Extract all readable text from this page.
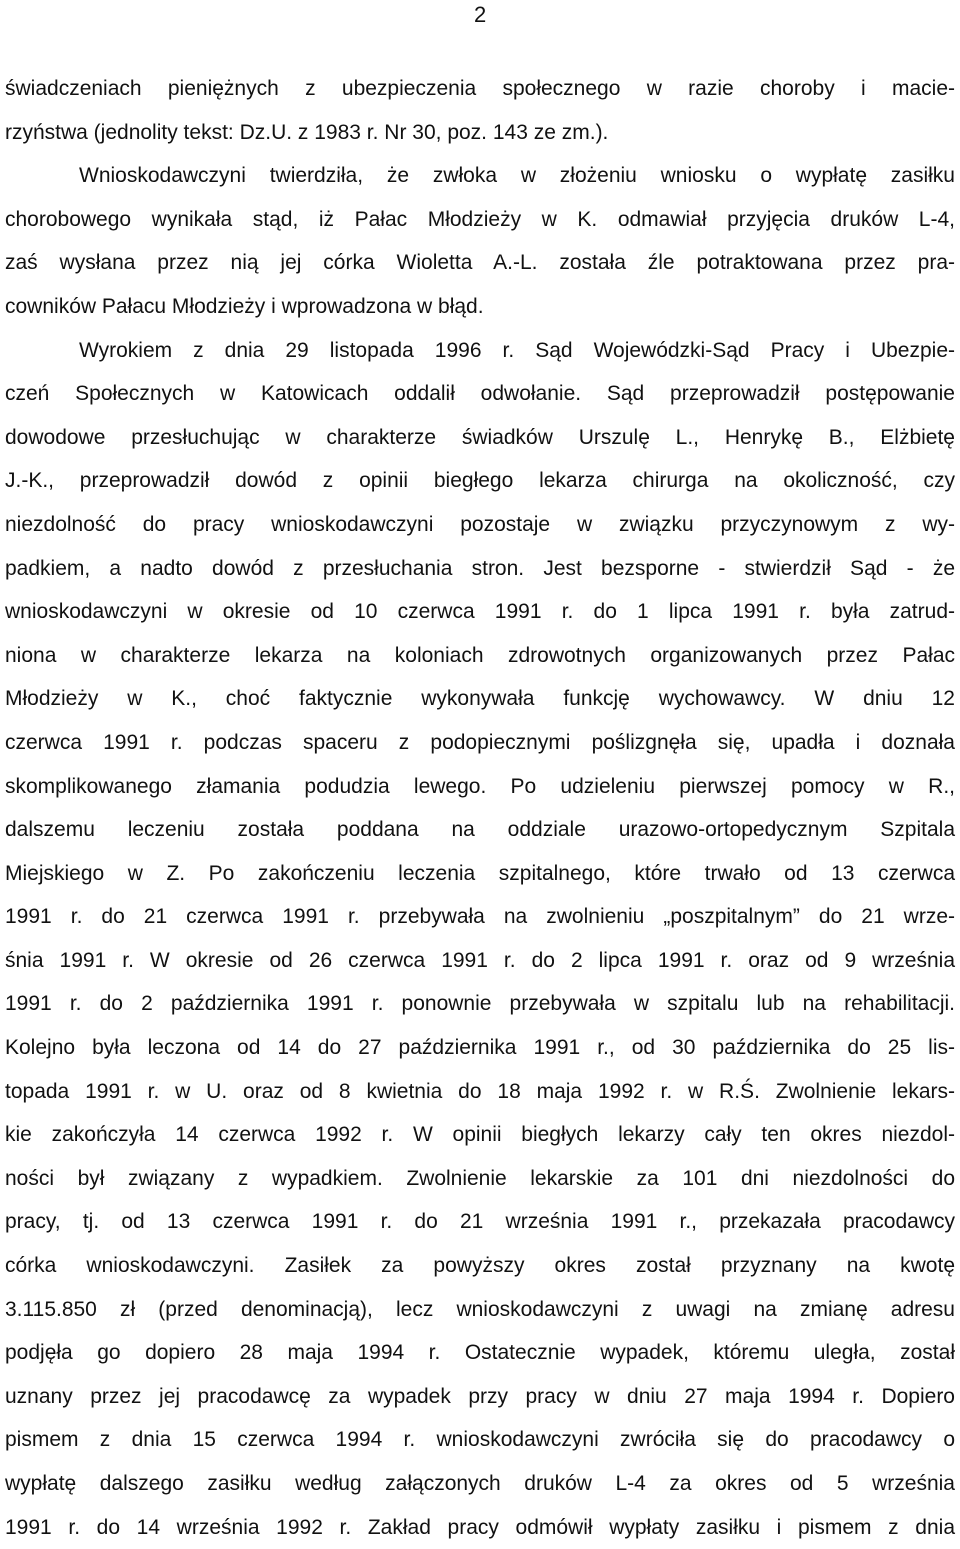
2
świadczeniach pieniężnych z ubezpieczenia społecznego w razie choroby i macie-
rzyństwa (jednolity tekst: Dz.U. z 1983 r. Nr 30, poz. 143 ze zm.).
Wnioskodawczyni twierdziła, że zwłoka w złożeniu wniosku o wypłatę zasiłku
chorobowego wynikała stąd, iż Pałac Młodzieży w K. odmawiał przyjęcia druków L-4,
zaś wysłana przez nią jej córka Wioletta A.-L. została źle potraktowana przez pra-
cowników Pałacu Młodzieży i wprowadzona w błąd.
Wyrokiem z dnia 29 listopada 1996 r. Sąd Wojewódzki-Sąd Pracy i Ubezpie-
czeń Społecznych w Katowicach oddalił odwołanie. Sąd przeprowadził postępowanie
dowodowe przesłuchując w charakterze świadków Urszulę L., Henrykę B., Elżbietę
J.-K., przeprowadził dowód z opinii biegłego lekarza chirurga na okoliczność, czy
niezdolność do pracy wnioskodawczyni pozostaje w związku przyczynowym z wy-
padkiem, a nadto dowód z przesłuchania stron. Jest bezsporne - stwierdził Sąd - że
wnioskodawczyni w okresie od 10 czerwca 1991 r. do 1 lipca 1991 r. była zatrud-
niona w charakterze lekarza na koloniach zdrowotnych organizowanych przez Pałac
Młodzieży w K., choć faktycznie wykonywała funkcję wychowawcy. W dniu 12
czerwca 1991 r. podczas spaceru z podopiecznymi poślizgnęła się, upadła i doznała
skomplikowanego złamania podudzia lewego. Po udzieleniu pierwszej pomocy w R.,
dalszemu leczeniu została poddana na oddziale urazowo-ortopedycznym Szpitala
Miejskiego w Z. Po zakończeniu leczenia szpitalnego, które trwało od 13 czerwca
1991 r. do 21 czerwca 1991 r. przebywała na zwolnieniu „poszpitalnym” do 21 wrze-
śnia 1991 r. W okresie od 26 czerwca 1991 r. do 2 lipca 1991 r. oraz od 9 września
1991 r. do 2 października 1991 r. ponownie przebywała w szpitalu lub na rehabilitacji.
Kolejno była leczona od 14 do 27 października 1991 r., od 30 października do 25 lis-
topada 1991 r. w U. oraz od 8 kwietnia do 18 maja 1992 r. w R.Ś. Zwolnienie lekars-
kie zakończyła 14 czerwca 1992 r. W opinii biegłych lekarzy cały ten okres niezdol-
ności był związany z wypadkiem. Zwolnienie lekarskie za 101 dni niezdolności do
pracy, tj. od 13 czerwca 1991 r. do 21 września 1991 r., przekazała pracodawcy
córka wnioskodawczyni. Zasiłek za powyższy okres został przyznany na kwotę
3.115.850 zł (przed denominacją), lecz wnioskodawczyni z uwagi na zmianę adresu
podjęła go dopiero 28 maja 1994 r. Ostatecznie wypadek, któremu uległa, został
uznany przez jej pracodawcę za wypadek przy pracy w dniu 27 maja 1994 r. Dopiero
pismem z dnia 15 czerwca 1994 r. wnioskodawczyni zwróciła się do pracodawcy o
wypłatę dalszego zasiłku według załączonych druków L-4 za okres od 5 września
1991 r. do 14 września 1992 r. Zakład pracy odmówił wypłaty zasiłku i pismem z dnia
